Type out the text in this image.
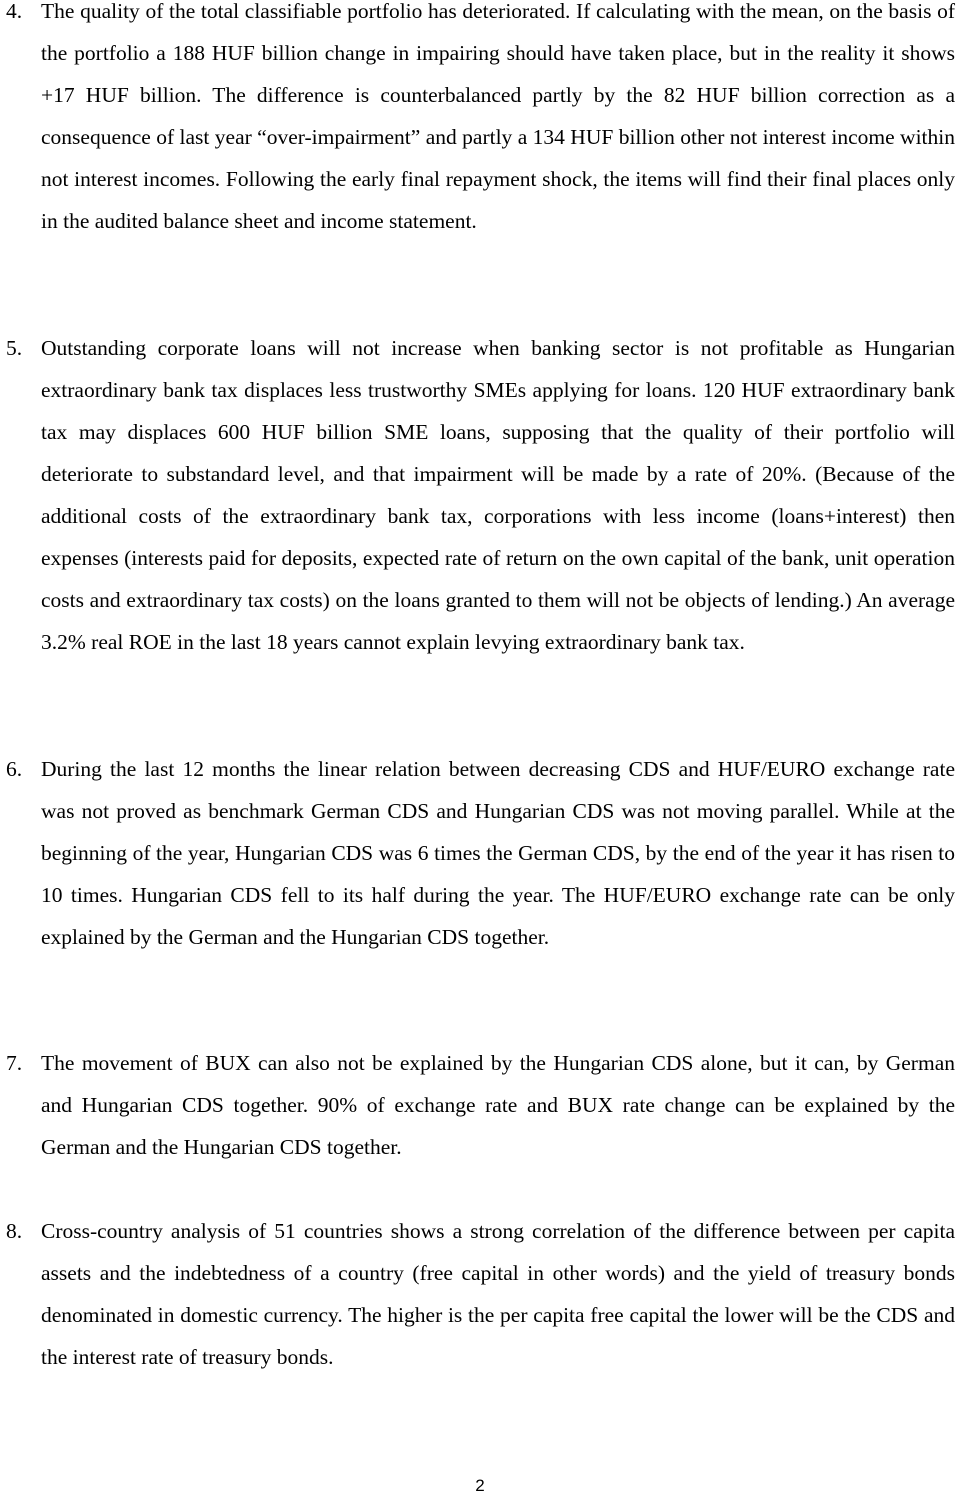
4. The quality of the total classifiable portfolio has deteriorated. If calculating with the mean, on the basis of the portfolio a 188 HUF billion change in impairing should have taken place, but in the reality it shows +17 HUF billion. The difference is counterbalanced partly by the 82 HUF billion correction as a consequence of last year “over-impairment” and partly a 134 HUF billion other not interest income within not interest incomes. Following the early final repayment shock, the items will find their final places only in the audited balance sheet and income statement.
5. Outstanding corporate loans will not increase when banking sector is not profitable as Hungarian extraordinary bank tax displaces less trustworthy SMEs applying for loans. 120 HUF extraordinary bank tax may displaces 600 HUF billion SME loans, supposing that the quality of their portfolio will deteriorate to substandard level, and that impairment will be made by a rate of 20%. (Because of the additional costs of the extraordinary bank tax, corporations with less income (loans+interest) then expenses (interests paid for deposits, expected rate of return on the own capital of the bank, unit operation costs and extraordinary tax costs) on the loans granted to them will not be objects of lending.) An average 3.2% real ROE in the last 18 years cannot explain levying extraordinary bank tax.
6. During the last 12 months the linear relation between decreasing CDS and HUF/EURO exchange rate was not proved as benchmark German CDS and Hungarian CDS was not moving parallel. While at the beginning of the year, Hungarian CDS was 6 times the German CDS, by the end of the year it has risen to 10 times. Hungarian CDS fell to its half during the year. The HUF/EURO exchange rate can be only explained by the German and the Hungarian CDS together.
7. The movement of BUX can also not be explained by the Hungarian CDS alone, but it can, by German and Hungarian CDS together. 90% of exchange rate and BUX rate change can be explained by the German and the Hungarian CDS together.
8. Cross-country analysis of 51 countries shows a strong correlation of the difference between per capita assets and the indebtedness of a country (free capital in other words) and the yield of treasury bonds denominated in domestic currency. The higher is the per capita free capital the lower will be the CDS and the interest rate of treasury bonds.
2
